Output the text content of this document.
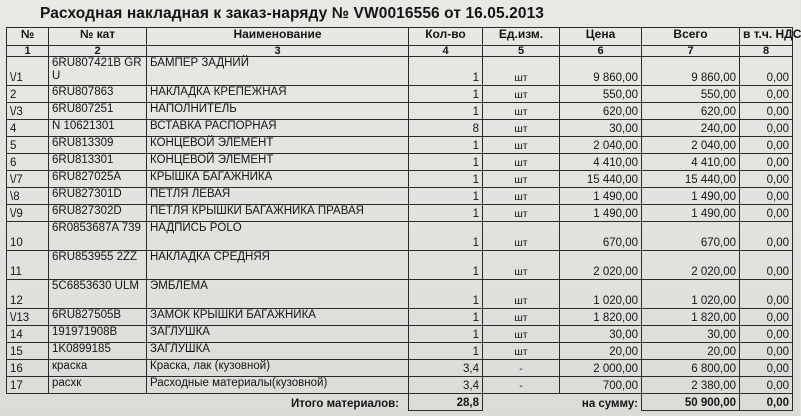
Расходная накладная к заказ-наряду № VW0016556 от 16.05.2013
№	№ кат	Наименование	Кол-во	Ед.изм.	Цена	Всего	в т.ч. НДС
1	2	3	4	5	6	7	8
\/1	6RU807421B GRU	БАМПЕР ЗАДНИЙ	1	шт	9 860,00	9 860,00	0,00
2	6RU807863	НАКЛАДКА КРЕПЕЖНАЯ	1	шт	550,00	550,00	0,00
\/3	6RU807251	НАПОЛНИТЕЛЬ	1	шт	620,00	620,00	0,00
4	N 10621301	ВСТАВКА РАСПОРНАЯ	8	шт	30,00	240,00	0,00
5	6RU813309	КОНЦЕВОЙ ЭЛЕМЕНТ	1	шт	2 040,00	2 040,00	0,00
6	6RU813301	КОНЦЕВОЙ ЭЛЕМЕНТ	1	шт	4 410,00	4 410,00	0,00
\/7	6RU827025A	КРЫШКА БАГАЖНИКА	1	шт	15 440,00	15 440,00	0,00
\8	6RU827301D	ПЕТЛЯ ЛЕВАЯ	1	шт	1 490,00	1 490,00	0,00
\/9	6RU827302D	ПЕТЛЯ КРЫШКИ БАГАЖНИКА ПРАВАЯ	1	шт	1 490,00	1 490,00	0,00
10	6R0853687A 739	НАДПИСЬ POLO	1	шт	670,00	670,00	0,00
11	6RU853955 2ZZ	НАКЛАДКА СРЕДНЯЯ	1	шт	2 020,00	2 020,00	0,00
12	5C6853630 ULM	ЭМБЛЕМА	1	шт	1 020,00	1 020,00	0,00
\/13	6RU827505B	ЗАМОК КРЫШКИ БАГАЖНИКА	1	шт	1 820,00	1 820,00	0,00
14	191971908B	ЗАГЛУШКА	1	шт	30,00	30,00	0,00
15	1K0899185	ЗАГЛУШКА	1	шт	20,00	20,00	0,00
16	краска	Краска, лак (кузовной)	3,4	-	2 000,00	6 800,00	0,00
17	расхк	Расходные материалы(кузовной)	3,4	-	700,00	2 380,00	0,00

Итого материалов:			28,8	на сумму:		50 900,00	0,00
